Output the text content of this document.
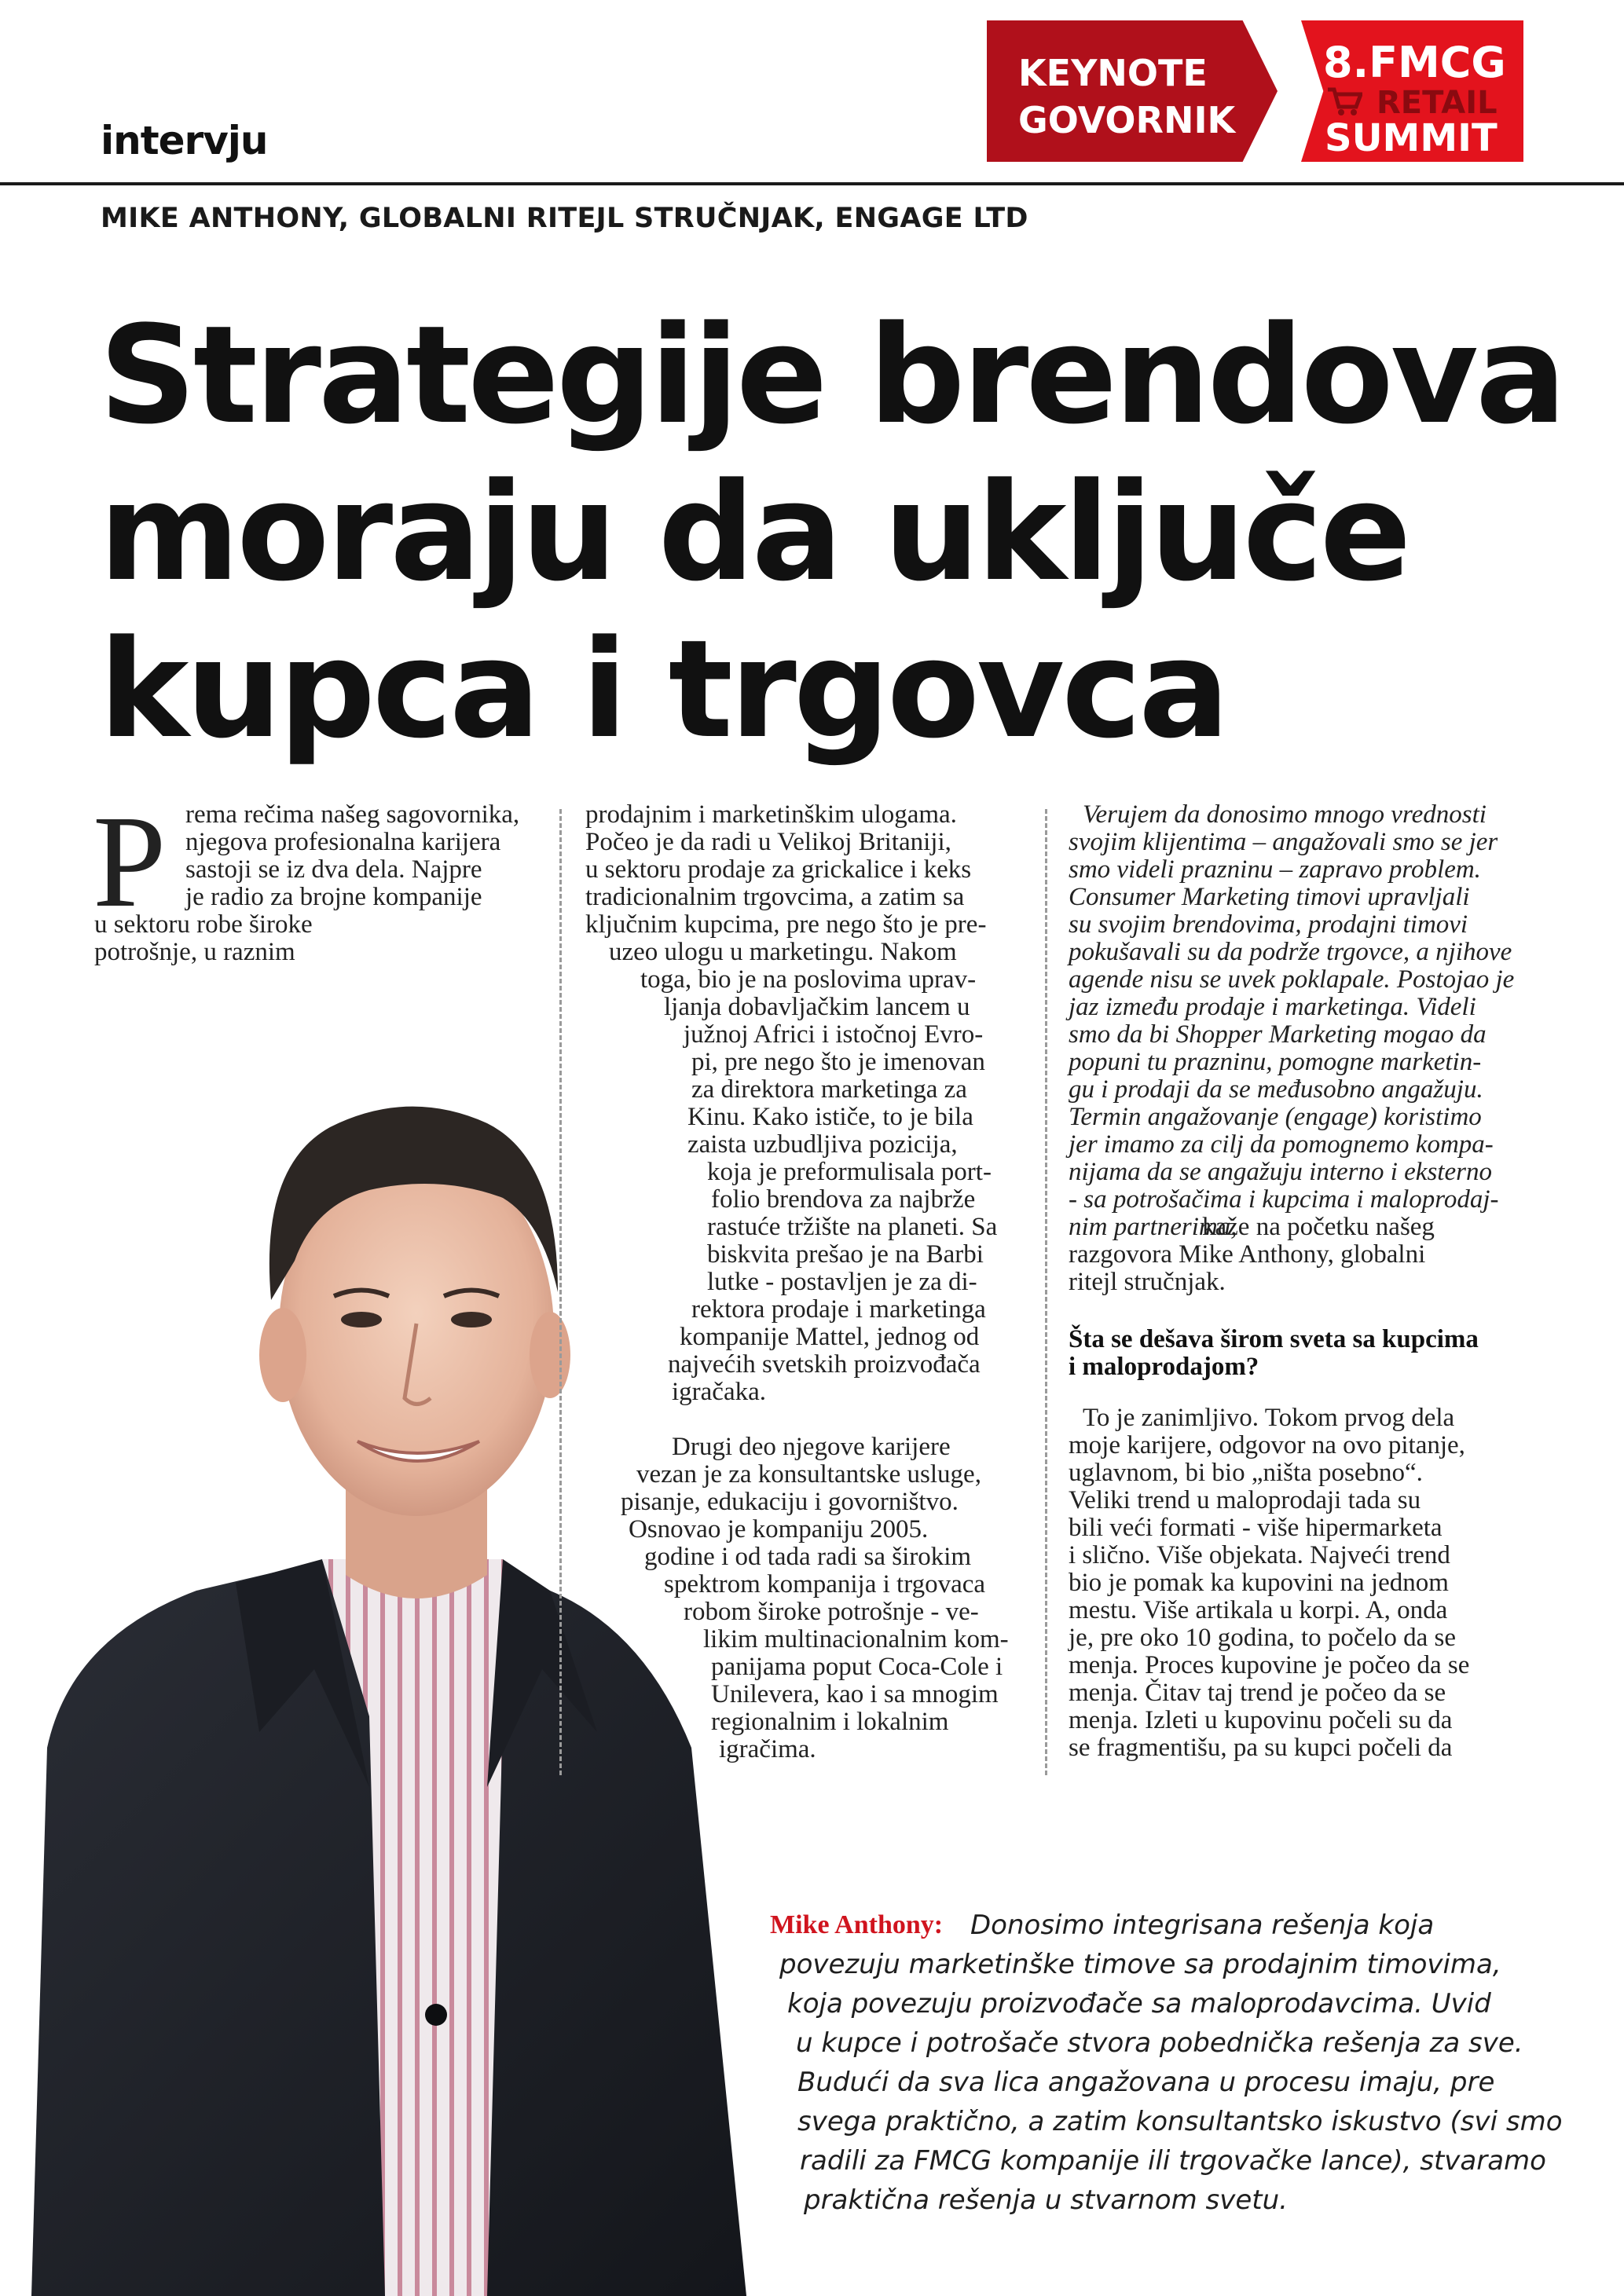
intervju
KEYNOTE
GOVORNIK
8.FMCG
RETAIL
SUMMIT
MIKE ANTHONY, GLOBALNI RITEJL STRUČNJAK, ENGAGE LTD
Strategije brendova
moraju da uključe
kupca i trgovca
P rema rečima našeg sagovornika,
njegova profesionalna karijera
sastoji se iz dva dela. Najpre
je radio za brojne kompanije
u sektoru robe široke
potrošnje, u raznim
prodajnim i marketinškim ulogama.
Počeo je da radi u Velikoj Britaniji,
u sektoru prodaje za grickalice i keks
tradicionalnim trgovcima, a zatim sa
ključnim kupcima, pre nego što je pre-
uzeo ulogu u marketingu. Nakom
toga, bio je na poslovima uprav-
ljanja dobavljačkim lancem u
južnoj Africi i istočnoj Evro-
pi, pre nego što je imenovan
za direktora marketinga za
Kinu. Kako ističe, to je bila
zaista uzbudljiva pozicija,
koja je preformulisala port-
folio brendova za najbrže
rastuće tržište na planeti. Sa
biskvita prešao je na Barbi
lutke - postavljen je za di-
rektora prodaje i marketinga
kompanije Mattel, jednog od
najvećih svetskih proizvođača
igračaka.
Drugi deo njegove karijere
vezan je za konsultantske usluge,
pisanje, edukaciju i govorništvo.
Osnovao je kompaniju 2005.
godine i od tada radi sa širokim
spektrom kompanija i trgovaca
robom široke potrošnje - ve-
likim multinacionalnim kom-
panijama poput Coca-Cole i
Unilevera, kao i sa mnogim
regionalnim i lokalnim
igračima.
Verujem da donosimo mnogo vrednosti
svojim klijentima – angažovali smo se jer
smo videli prazninu – zapravo problem.
Consumer Marketing timovi upravljali
su svojim brendovima, prodajni timovi
pokušavali su da podrže trgovce, a njihove
agende nisu se uvek poklapale. Postojao je
jaz između prodaje i marketinga. Videli
smo da bi Shopper Marketing mogao da
popuni tu prazninu, pomogne marketin-
gu i prodaji da se međusobno angažuju.
Termin angažovanje (engage) koristimo
jer imamo za cilj da pomognemo kompa-
nijama da se angažuju interno i eksterno
- sa potrošačima i kupcima i maloprodaj-
nim partnerima,
kaže na početku našeg
razgovora Mike Anthony, globalni
ritejl stručnjak.
To je zanimljivo. Tokom prvog dela
moje karijere, odgovor na ovo pitanje,
uglavnom, bi bio „ništa posebno“.
Veliki trend u maloprodaji tada su
bili veći formati - više hipermarketa
i slično. Više objekata. Najveći trend
bio je pomak ka kupovini na jednom
mestu. Više artikala u korpi. A, onda
je, pre oko 10 godina, to počelo da se
menja. Proces kupovine je počeo da se
menja. Čitav taj trend je počeo da se
menja. Izleti u kupovinu počeli su da
se fragmentišu, pa su kupci počeli da
Šta se dešava širom sveta sa kupcima
i maloprodajom?
Donosimo integrisana rešenja koja
povezuju marketinške timove sa prodajnim timovima,
koja povezuju proizvođače sa maloprodavcima. Uvid
u kupce i potrošače stvora pobednička rešenja za sve.
Budući da sva lica angažovana u procesu imaju, pre
svega praktično, a zatim konsultantsko iskustvo (svi smo
radili za FMCG kompanije ili trgovačke lance), stvaramo
praktična rešenja u stvarnom svetu.
Mike Anthony:
